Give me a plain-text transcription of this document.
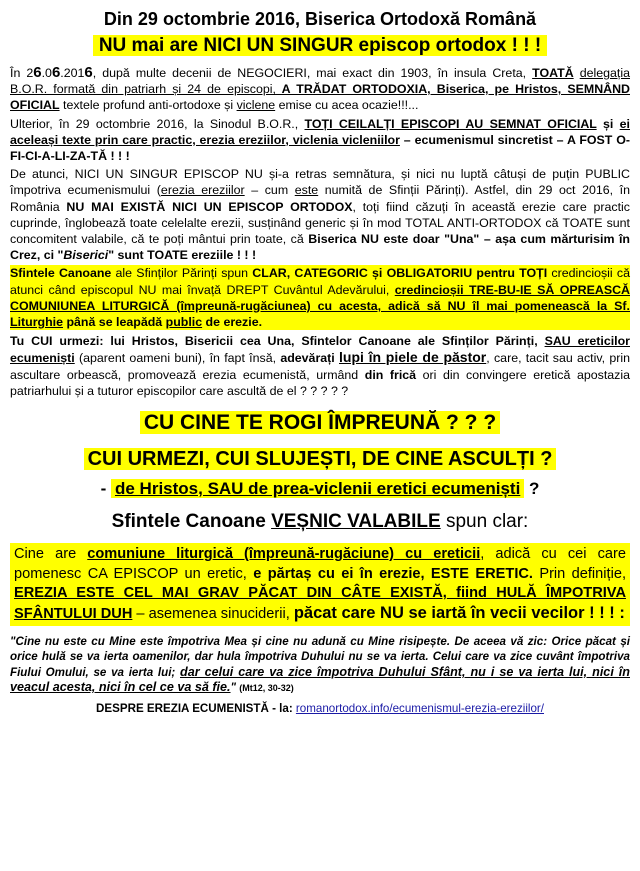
Din 29 octombrie 2016, Biserica Ortodoxă Română
NU mai are NICI UN SINGUR episcop ortodox ! ! !

În 26.06.2016, după multe decenii de NEGOCIERI, mai exact din 1903, în insula Creta, TOATĂ delegația B.O.R. formată din patriarh și 24 de episcopi, A TRĂDAT ORTODOXIA, Biserica, pe Hristos, SEMNÂND OFICIAL textele profund anti-ortodoxe și viclene emise cu acea ocazie!!!...

Ulterior, în 29 octombrie 2016, la Sinodul B.O.R., TOȚI CEILALȚI EPISCOPI AU SEMNAT OFICIAL și ei aceleași texte prin care practic, erezia ereziilor, viclenia vicleniilor – ecumenismul sincretist – A FOST O-FI-CI-A-LI-ZA-TĂ ! ! !

De atunci, NICI UN SINGUR EPISCOP NU și-a retras semnătura, și nici nu luptă câtuși de puțin PUBLIC împotriva ecumenismului (erezia ereziilor – cum este numită de Sfinții Părinți). Astfel, din 29 oct 2016, în România NU MAI EXISTĂ NICI UN EPISCOP ORTODOX, toți fiind căzuți în această erezie care practic cuprinde, înglobează toate celelalte erezii, susținând generic și în mod TOTAL ANTI-ORTODOX că TOATE sunt concomitent valabile, că te poți mântui prin toate, că Biserica NU este doar "Una" – așa cum mărturisim în Crez, ci "Biserici" sunt TOATE ereziile ! ! !

Sfintele Canoane ale Sfinților Părinți spun CLAR, CATEGORIC și OBLIGATORIU pentru TOȚI credincioșii că atunci când episcopul NU mai învață DREPT Cuvântul Adevărului, credincioșii TRE-BU-IE SĂ OPREASCĂ COMUNIUNEA LITURGICĂ (împreună-rugăciunea) cu acesta, adică să NU îl mai pomenească la Sf. Liturghie până se leapădă public de erezie.

Tu CUI urmezi: lui Hristos, Bisericii cea Una, Sfintelor Canoane ale Sfinților Părinți, SAU ereticilor ecumeniști (aparent oameni buni), în fapt însă, adevărați lupi în piele de păstor, care, tacit sau activ, prin ascultare orbească, promovează erezia ecumenistă, urmând din frică ori din convingere eretică apostazia patriarhului și a tuturor episcopilor care ascultă de el ? ? ? ? ?

CU CINE TE ROGI ÎMPREUNĂ ? ? ?
CUI URMEZI, CUI SLUJEȘTI, DE CINE ASCULȚI ?
- de Hristos, SAU de prea-viclenii eretici ecumeniști ?
Sfintele Canoane VEȘNIC VALABILE spun clar:
Cine are comuniune liturgică (împreună-rugăciune) cu ereticii, adică cu cei care pomenesc CA EPISCOP un eretic, e părtaș cu ei în erezie, ESTE ERETIC. Prin definiție, EREZIA ESTE CEL MAI GRAV PĂCAT DIN CÂTE EXISTĂ, fiind HULĂ ÎMPOTRIVA SFÂNTULUI DUH – asemenea sinuciderii, păcat care NU se iartă în vecii vecilor ! ! ! :
"Cine nu este cu Mine este împotriva Mea și cine nu adună cu Mine risipește. De aceea vă zic: Orice păcat și orice hulă se va ierta oamenilor, dar hula împotriva Duhului nu se va ierta. Celui care va zice cuvânt împotriva Fiului Omului, se va ierta lui; dar celui care va zice împotriva Duhului Sfânt, nu i se va ierta lui, nici în veacul acesta, nici în cel ce va să fie." (Mt12, 30-32)
DESPRE EREZIA ECUMENISTĂ - la: romanortodox.info/ecumenismul-erezia-ereziilor/
